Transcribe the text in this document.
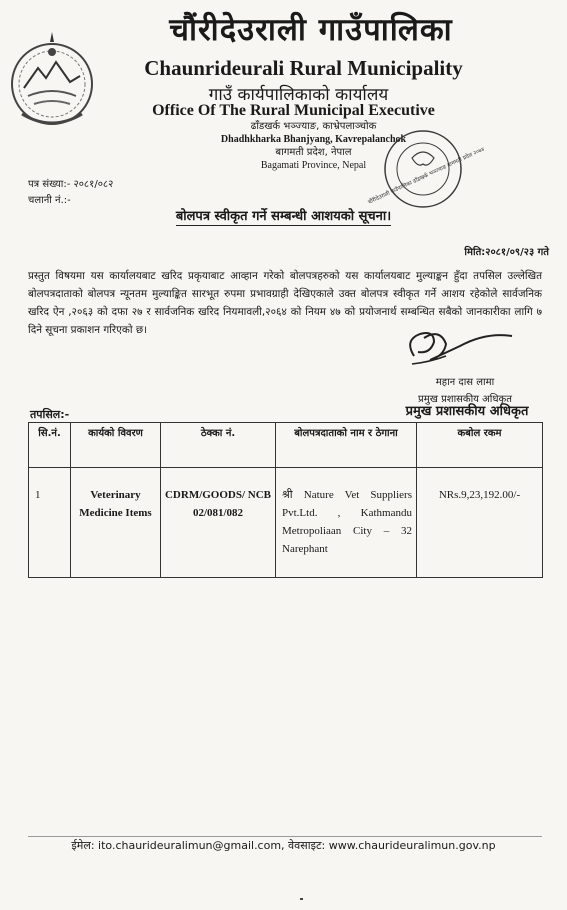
चौंरीदेउराली गाउँपालिका
Chaunrideurali Rural Municipality
गाउँ कार्यपालिकाको कार्यालय
Office Of The Rural Municipal Executive
ढाँडखर्क भञ्ज्याङ, काभ्रेपलाञ्चोक
Dhadhkharka Bhanjyang, Kavrepalanchok
बागमती प्रदेश, नेपाल
Bagamati Province, Nepal चौंरीदेउराली गाउँपालिका ढाँडखर्क भञ्ज्याङ बागमती प्रदेश २०७४
पत्र संख्या:- २०८१/०८२
चलानी नं.:-
बोलपत्र स्वीकृत गर्ने सम्बन्धी आशयको सूचना।
मिति:२०८१/०९/२३ गते
प्रस्तुत विषयमा यस कार्यालयबाट खरिद प्रकृयाबाट आव्हान गरेको बोलपत्रहरुको यस कार्यालयबाट मुल्याङ्कन हुँदा तपसिल उल्लेखित बोलपत्रदाताको बोलपत्र न्यूनतम मुल्याङ्कित सारभूत रुपमा प्रभावग्राही देखिएकाले उक्त बोलपत्र स्वीकृत गर्ने आशय रहेकोले सार्वजनिक खरिद ऐन ,२०६३ को दफा २७ र सार्वजनिक खरिद नियमावली,२०६४ को नियम ४७ को प्रयोजनार्थ सम्बन्धित सबैको जानकारीका लागि ७ दिने सूचना प्रकाशन गरिएको छ।
महान दास लामा
प्रमुख प्रशासकीय अधिकृत
प्रमुख प्रशासकीय अधिकृत
तपसिल:-
सि.नं.	कार्यको विवरण	ठेक्का नं.	बोलपत्रदाताको नाम र ठेगाना	कबोल रकम
1	Veterinary Medicine Items	CDRM/GOODS/ NCB 02/081/082	श्री Nature Vet Suppliers Pvt.Ltd. , Kathmandu Metropoliaan City – 32 Narephant	NRs.9,23,192.00/-
ईमेल: ito.chaurideuralimun@gmail.com, वेवसाइट: www.chaurideuralimun.gov.np
